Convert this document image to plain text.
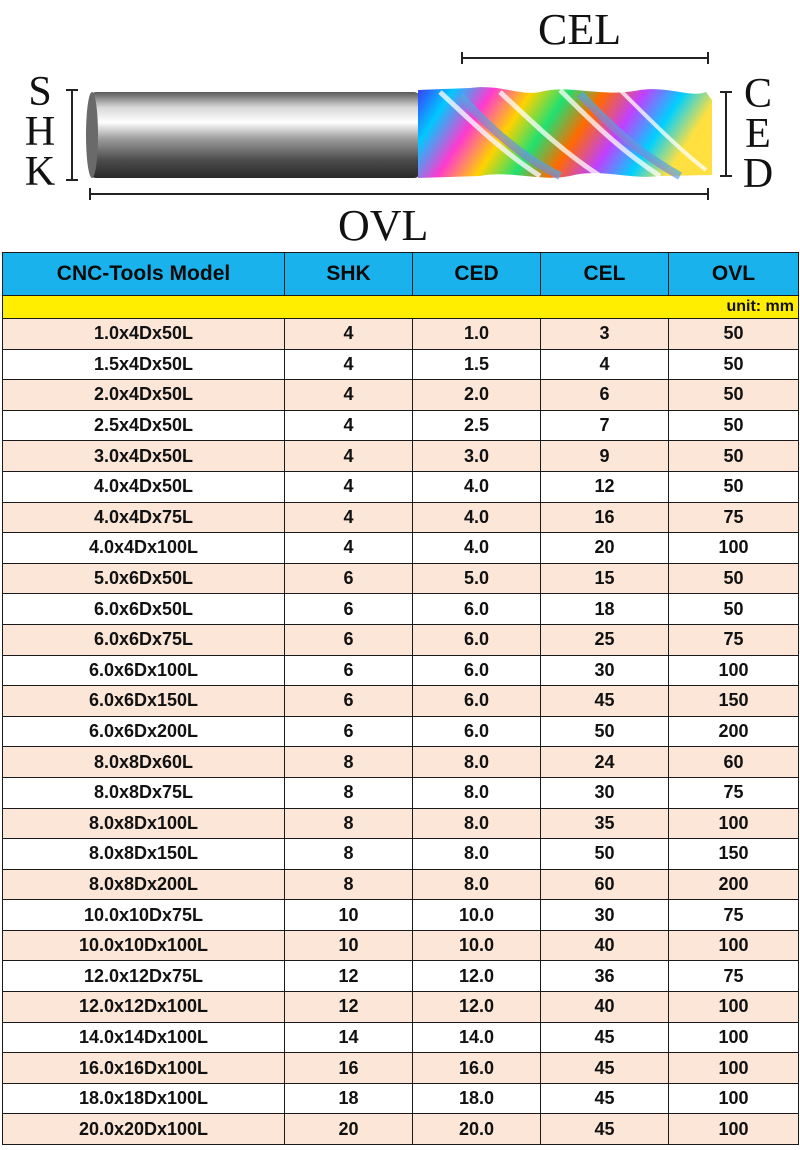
CEL
OVL
S
H
K
C
E
D
CNC-Tools Model	SHK	CED	CEL	OVL
unit: mm				
1.0x4Dx50L	4	1.0	3	50
1.5x4Dx50L	4	1.5	4	50
2.0x4Dx50L	4	2.0	6	50
2.5x4Dx50L	4	2.5	7	50
3.0x4Dx50L	4	3.0	9	50
4.0x4Dx50L	4	4.0	12	50
4.0x4Dx75L	4	4.0	16	75
4.0x4Dx100L	4	4.0	20	100
5.0x6Dx50L	6	5.0	15	50
6.0x6Dx50L	6	6.0	18	50
6.0x6Dx75L	6	6.0	25	75
6.0x6Dx100L	6	6.0	30	100
6.0x6Dx150L	6	6.0	45	150
6.0x6Dx200L	6	6.0	50	200
8.0x8Dx60L	8	8.0	24	60
8.0x8Dx75L	8	8.0	30	75
8.0x8Dx100L	8	8.0	35	100
8.0x8Dx150L	8	8.0	50	150
8.0x8Dx200L	8	8.0	60	200
10.0x10Dx75L	10	10.0	30	75
10.0x10Dx100L	10	10.0	40	100
12.0x12Dx75L	12	12.0	36	75
12.0x12Dx100L	12	12.0	40	100
14.0x14Dx100L	14	14.0	45	100
16.0x16Dx100L	16	16.0	45	100
18.0x18Dx100L	18	18.0	45	100
20.0x20Dx100L	20	20.0	45	100
